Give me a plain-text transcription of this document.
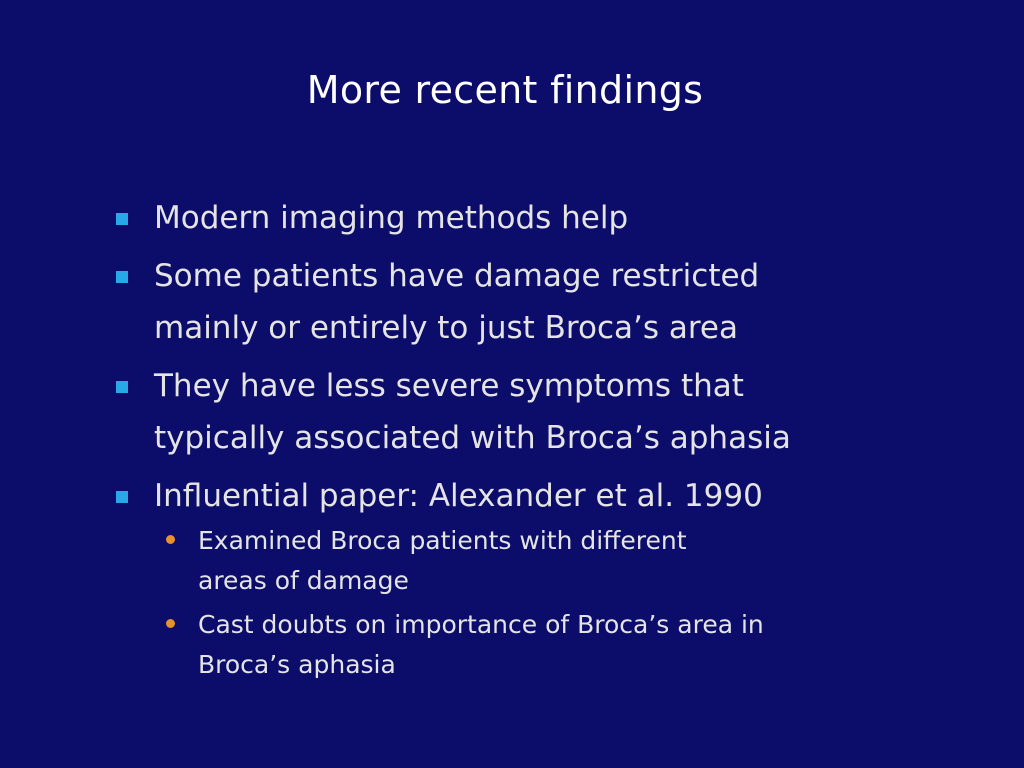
More recent findings
Modern imaging methods help
Some patients have damage restricted
mainly or entirely to just Broca’s area
They have less severe symptoms that
typically associated with Broca’s aphasia
Influential paper: Alexander et al. 1990
Examined Broca patients with different
areas of damage
Cast doubts on importance of Broca’s area in
Broca’s aphasia
